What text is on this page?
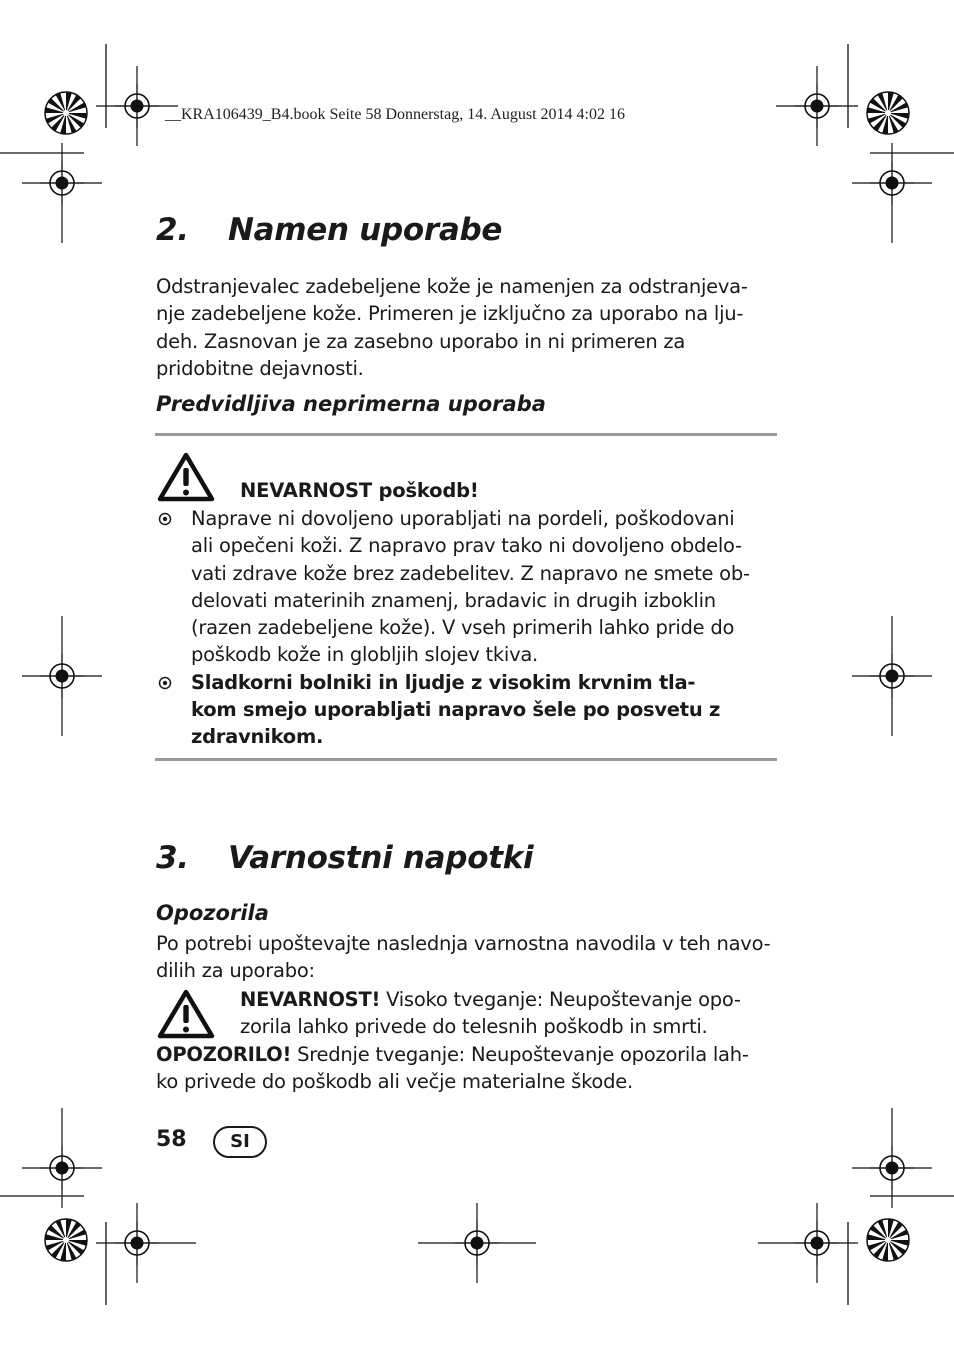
__KRA106439_B4.book Seite 58 Donnerstag, 14. August 2014 4:02 16
2. Namen uporabe
Odstranjevalec zadebeljene kože je namenjen za odstranjeva-
nje zadebeljene kože. Primeren je izključno za uporabo na lju-
deh. Zasnovan je za zasebno uporabo in ni primeren za
pridobitne dejavnosti.
Predvidljiva neprimerna uporaba
NEVARNOST poškodb!
Naprave ni dovoljeno uporabljati na pordeli, poškodovani
ali opečeni koži. Z napravo prav tako ni dovoljeno obdelo-
vati zdrave kože brez zadebelitev. Z napravo ne smete ob-
delovati materinih znamenj, bradavic in drugih izboklin
(razen zadebeljene kože). V vseh primerih lahko pride do
poškodb kože in globljih slojev tkiva.
Sladkorni bolniki in ljudje z visokim krvnim tla-
kom smejo uporabljati napravo šele po posvetu z
zdravnikom.
3. Varnostni napotki
Opozorila
Po potrebi upoštevajte naslednja varnostna navodila v teh navo-
dilih za uporabo:
NEVARNOST! Visoko tveganje: Neupoštevanje opo-
zorila lahko privede do telesnih poškodb in smrti.
OPOZORILO! Srednje tveganje: Neupoštevanje opozorila lah-
ko privede do poškodb ali večje materialne škode.
58	SI
